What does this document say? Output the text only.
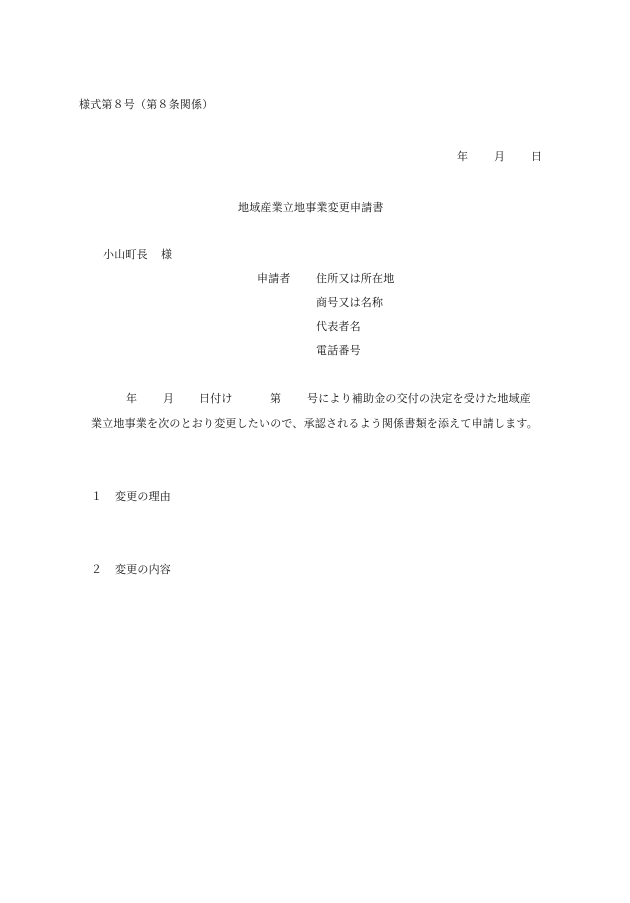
様式第８号（第８条関係）
年 月 日
地域産業立地事業変更申請書
小山町長 様
申請者 住所又は所在地
商号又は名称
代表者名
電話番号
年 月 日付け	第 号により補助金の交付の決定を受けた地域産
業立地事業を次のとおり変更したいので、承認されるよう関係書類を添えて申請します。
１ 変更の理由
２ 変更の内容
